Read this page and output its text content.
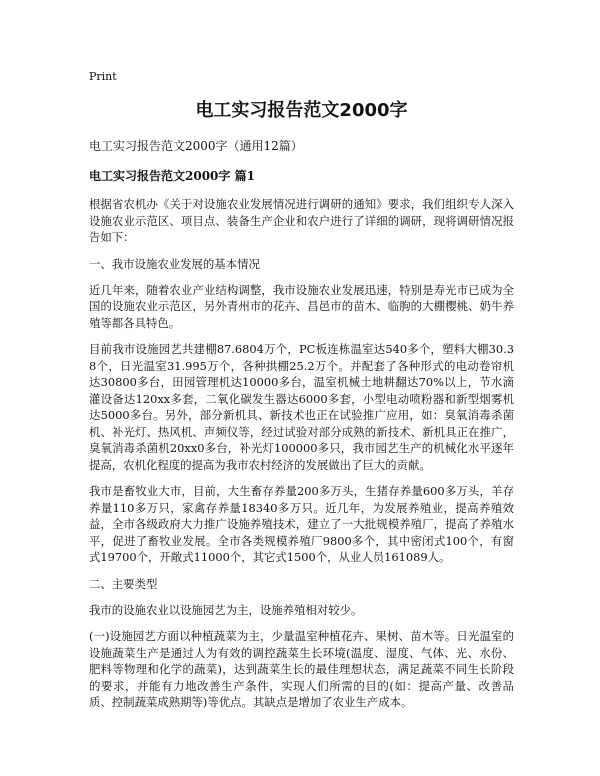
Print
电工实习报告范文2000字
电工实习报告范文2000字（通用12篇）
电工实习报告范文2000字 篇1

根据省农机办《关于对设施农业发展情况进行调研的通知》要求，我们组织专人深入设施农业示范区、项目点、装备生产企业和农户进行了详细的调研，现将调研情况报告如下：

一、我市设施农业发展的基本情况

近几年来，随着农业产业结构调整，我市设施农业发展迅速，特别是寿光市已成为全国的设施农业示范区，另外青州市的花卉、昌邑市的苗木、临朐的大棚樱桃、奶牛养殖等都各具特色。

目前我市设施园艺共建棚87.6804万个，PC板连栋温室达540多个，塑料大棚30.38个，日光温室31.995万个，各种拱棚25.2万个。并配套了各种形式的电动卷帘机达30800多台，田园管理机达10000多台，温室机械土地耕翻达70%以上，节水滴灌设备达120xx多套，二氧化碳发生器达6000多套，小型电动喷粉器和新型烟雾机达5000多台。另外，部分新机具、新技术也正在试验推广应用，如：臭氧消毒杀菌机、补光灯、热风机、声频仪等，经过试验对部分成熟的新技术、新机具正在推广，臭氧消毒杀菌机20xx0多台，补光灯100000多只，我市园艺生产的机械化水平逐年提高，农机化程度的提高为我市农村经济的发展做出了巨大的贡献。

我市是畜牧业大市，目前，大生畜存养量200多万头，生猪存养量600多万头，羊存养量110多万只，家禽存养量18340多万只。近几年，为发展养殖业，提高养殖效益，全市各级政府大力推广设施养殖技术，建立了一大批规模养殖厂，提高了养殖水平，促进了畜牧业发展。全市各类规模养殖厂9800多个，其中密闭式100个，有窗式19700个，开敞式11000个，其它式1500个，从业人员161089人。

二、主要类型

我市的设施农业以设施园艺为主，设施养殖相对较少。

(一)设施园艺方面以种植蔬菜为主，少量温室种植花卉、果树、苗木等。日光温室的设施蔬菜生产是通过人为有效的调控蔬菜生长环境(温度、湿度、气体、光、水份、肥料等物理和化学的蔬菜)，达到蔬菜生长的最佳理想状态，满足蔬菜不同生长阶段的要求，并能有力地改善生产条件，实现人们所需的目的(如：提高产量、改善品质、控制蔬菜成熟期等)等优点。其缺点是增加了农业生产成本。
